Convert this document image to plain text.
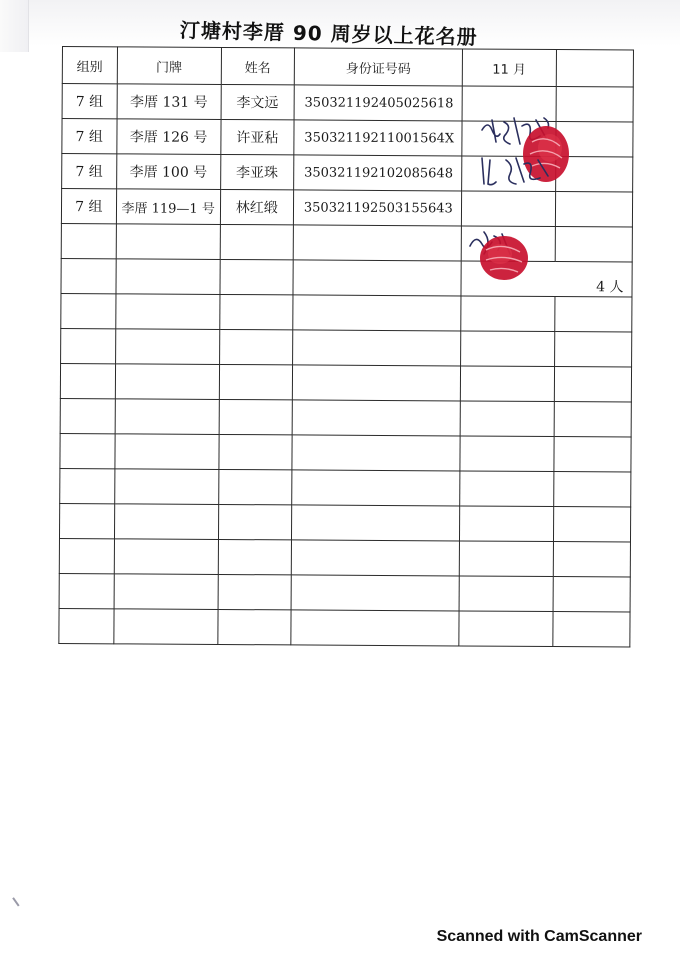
汀塘村李厝 90 周岁以上花名册
组别	门牌	姓名	身份证号码	11 月	
7 组	李厝 131 号	李文远	350321192405025618		
7 组	李厝 126 号	许亚秥	35032119211001564X		
7 组	李厝 100 号	李亚珠	350321192102085648		
7 组	李厝 119—1 号	林红缎	350321192503155643		

				4 人	

Scanned with CamScanner
